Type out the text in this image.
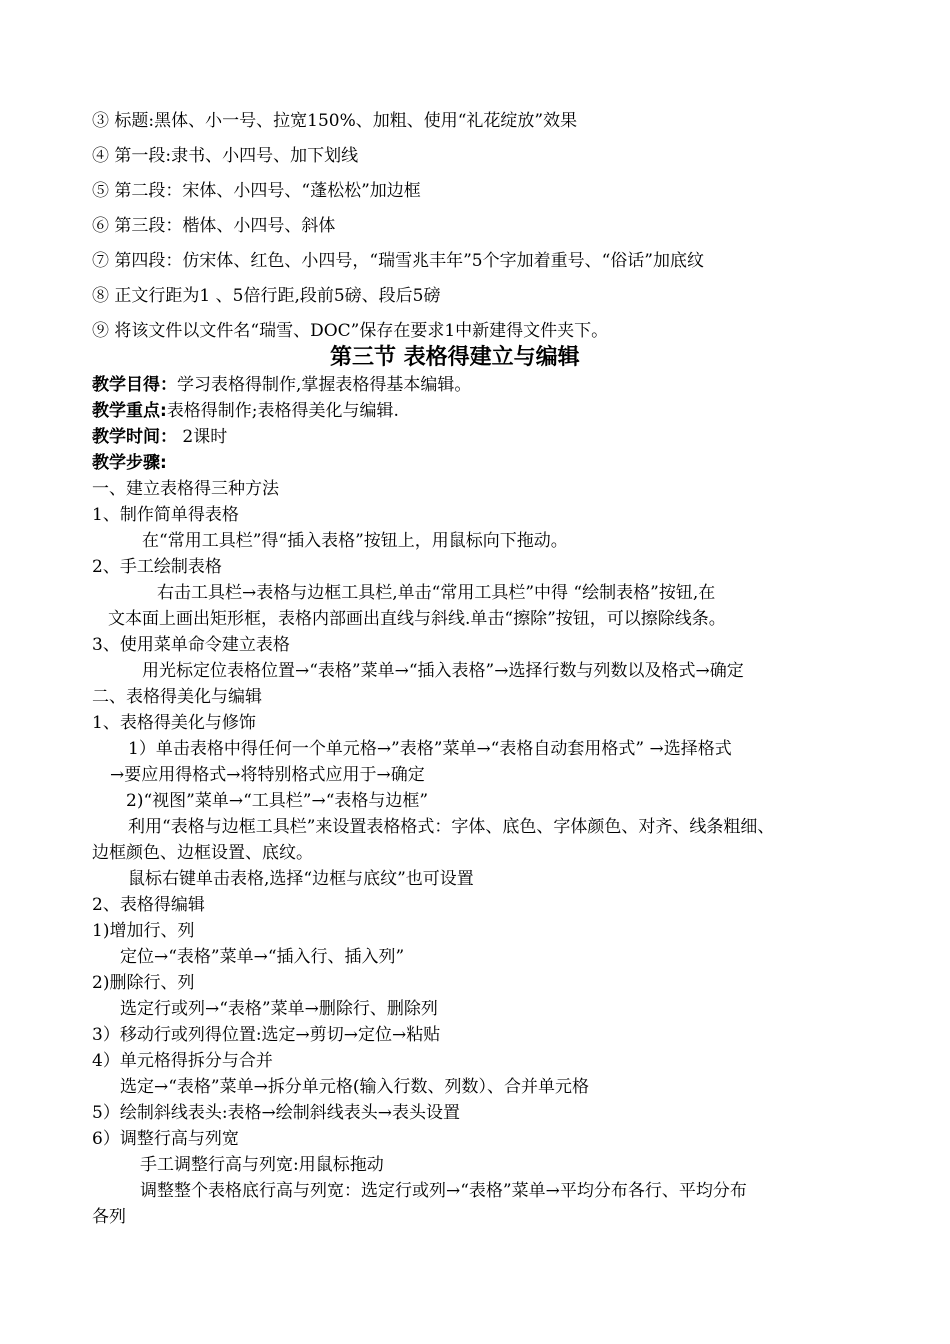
③ 标题:黑体、小一号、拉宽150%、加粗、使用“礼花绽放”效果
④ 第一段:隶书、小四号、加下划线
⑤ 第二段：宋体、小四号、“蓬松松”加边框
⑥ 第三段：楷体、小四号、斜体
⑦ 第四段：仿宋体、红色、小四号，“瑞雪兆丰年”5个字加着重号、“俗话”加底纹
⑧ 正文行距为1 、5倍行距,段前5磅、段后5磅
⑨ 将该文件以文件名“瑞雪、DOC”保存在要求1中新建得文件夹下。
第三节 表格得建立与编辑
教学目得：学习表格得制作,掌握表格得基本编辑。
教学重点:表格得制作;表格得美化与编辑.
教学时间： 2课时
教学步骤:
一、建立表格得三种方法
1、制作简单得表格
在“常用工具栏”得“插入表格”按钮上，用鼠标向下拖动。
2、手工绘制表格
右击工具栏→表格与边框工具栏,单击“常用工具栏”中得 “绘制表格”按钮,在
文本面上画出矩形框，表格内部画出直线与斜线.单击“擦除”按钮，可以擦除线条。
3、使用菜单命令建立表格
用光标定位表格位置→“表格”菜单→“插入表格”→选择行数与列数以及格式→确定
二、表格得美化与编辑
1、表格得美化与修饰
1）单击表格中得任何一个单元格→”表格”菜单→“表格自动套用格式” →选择格式
→要应用得格式→将特别格式应用于→确定
2)“视图”菜单→“工具栏”→“表格与边框”
利用“表格与边框工具栏”来设置表格格式：字体、底色、字体颜色、对齐、线条粗细、
边框颜色、边框设置、底纹。
鼠标右键单击表格,选择“边框与底纹”也可设置
2、表格得编辑
1)增加行、列
定位→“表格”菜单→“插入行、插入列”
2)删除行、列
选定行或列→“表格”菜单→删除行、删除列
3）移动行或列得位置:选定→剪切→定位→粘贴
4）单元格得拆分与合并
选定→“表格”菜单→拆分单元格(输入行数、列数）、合并单元格
5）绘制斜线表头:表格→绘制斜线表头→表头设置
6）调整行高与列宽
手工调整行高与列宽:用鼠标拖动
调整整个表格底行高与列宽：选定行或列→“表格”菜单→平均分布各行、平均分布
各列
